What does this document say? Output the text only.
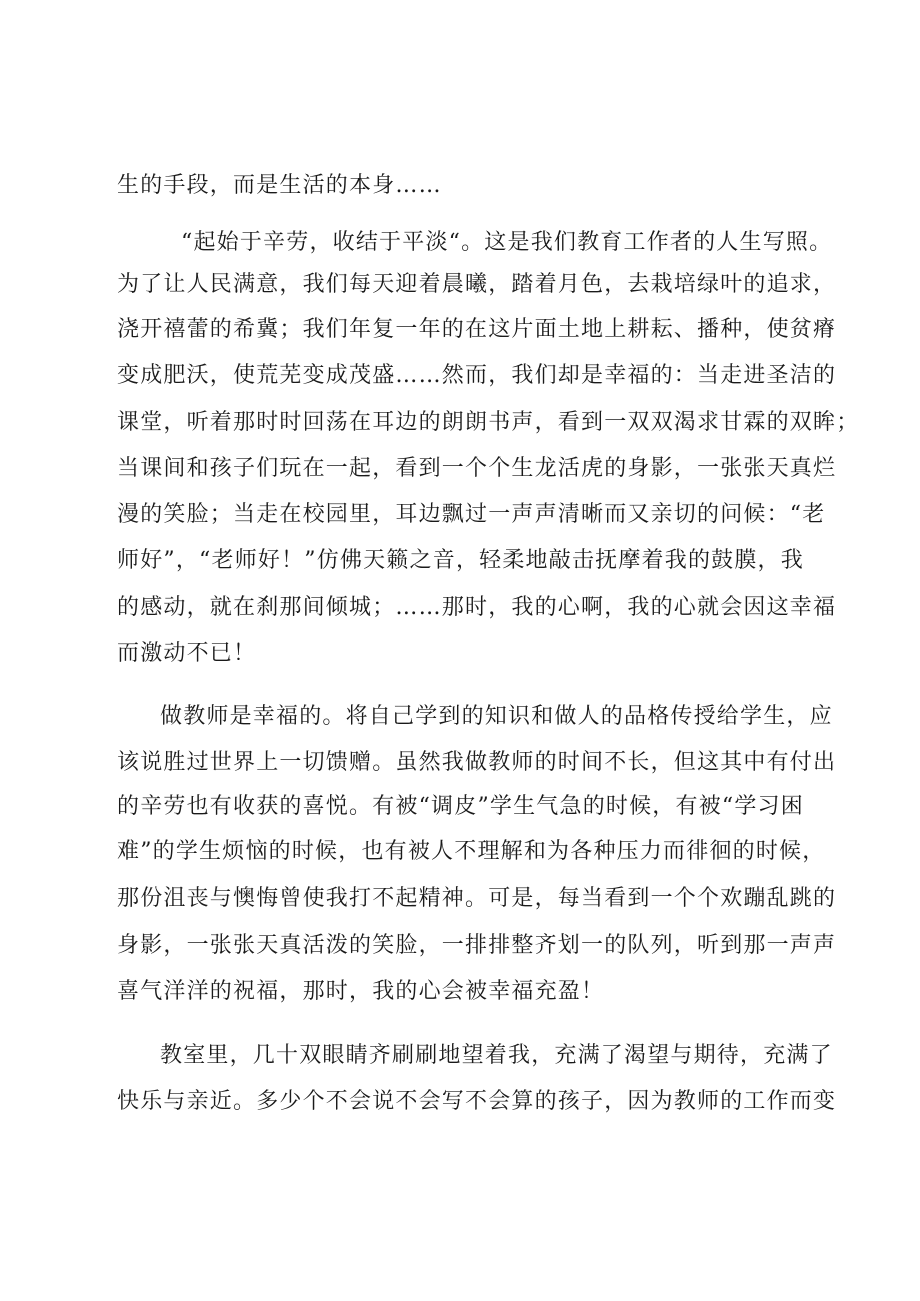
生的手段，而是生活的本身……
“起始于辛劳，收结于平淡“。这是我们教育工作者的人生写照。
为了让人民满意，我们每天迎着晨曦，踏着月色，去栽培绿叶的追求，
浇开禧蕾的希冀；我们年复一年的在这片面土地上耕耘、播种，使贫瘠
变成肥沃，使荒芜变成茂盛……然而，我们却是幸福的：当走进圣洁的
课堂，听着那时时回荡在耳边的朗朗书声，看到一双双渴求甘霖的双眸；
当课间和孩子们玩在一起，看到一个个生龙活虎的身影，一张张天真烂
漫的笑脸；当走在校园里，耳边飘过一声声清晰而又亲切的问候：“老
师好”，“老师好！”仿佛天籁之音，轻柔地敲击抚摩着我的鼓膜，我
的感动，就在刹那间倾城；……那时，我的心啊，我的心就会因这幸福
而激动不已！
做教师是幸福的。将自己学到的知识和做人的品格传授给学生，应
该说胜过世界上一切馈赠。虽然我做教师的时间不长，但这其中有付出
的辛劳也有收获的喜悦。有被“调皮”学生气急的时候，有被“学习困
难”的学生烦恼的时候，也有被人不理解和为各种压力而徘徊的时候，
那份沮丧与懊悔曾使我打不起精神。可是，每当看到一个个欢蹦乱跳的
身影，一张张天真活泼的笑脸，一排排整齐划一的队列，听到那一声声
喜气洋洋的祝福，那时，我的心会被幸福充盈！
教室里，几十双眼睛齐刷刷地望着我，充满了渴望与期待，充满了
快乐与亲近。多少个不会说不会写不会算的孩子，因为教师的工作而变
